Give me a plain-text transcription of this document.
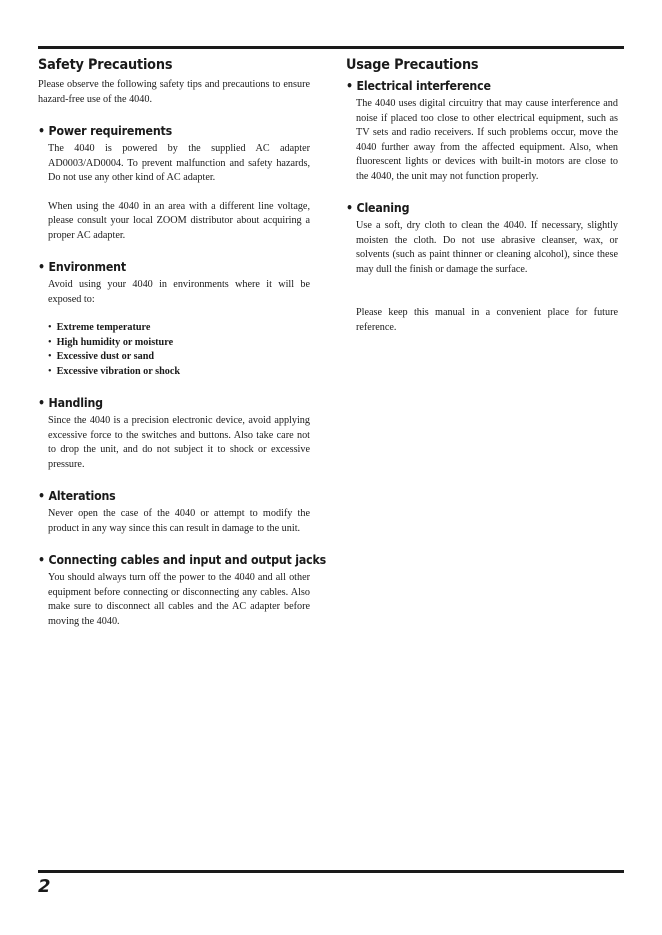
Safety Precautions

Please observe the following safety tips and precautions to ensure hazard-free use of the 4040.

• Power requirements

The 4040 is powered by the supplied AC adapter AD0003/AD0004. To prevent malfunction and safety hazards, Do not use any other kind of AC adapter.

When using the 4040 in an area with a different line voltage, please consult your local ZOOM distributor about acquiring a proper AC adapter.

• Environment

Avoid using your 4040 in environments where it will be exposed to:

• Extreme temperature
• High humidity or moisture
• Excessive dust or sand
• Excessive vibration or shock
• Handling

Since the 4040 is a precision electronic device, avoid applying excessive force to the switches and buttons. Also take care not to drop the unit, and do not subject it to shock or excessive pressure.

• Alterations

Never open the case of the 4040 or attempt to modify the product in any way since this can result in damage to the unit.

• Connecting cables and input and output jacks

You should always turn off the power to the 4040 and all other equipment before connecting or disconnecting any cables. Also make sure to disconnect all cables and the AC adapter before moving the 4040.

Usage Precautions
• Electrical interference

The 4040 uses digital circuitry that may cause interference and noise if placed too close to other electrical equipment, such as TV sets and radio receivers. If such problems occur, move the 4040 further away from the affected equipment. Also, when fluorescent lights or devices with built-in motors are close to the 4040, the unit may not function properly.

• Cleaning

Use a soft, dry cloth to clean the 4040. If necessary, slightly moisten the cloth. Do not use abrasive cleanser, wax, or solvents (such as paint thinner or cleaning alcohol), since these may dull the finish or damage the surface.

Please keep this manual in a convenient place for future reference.

2
